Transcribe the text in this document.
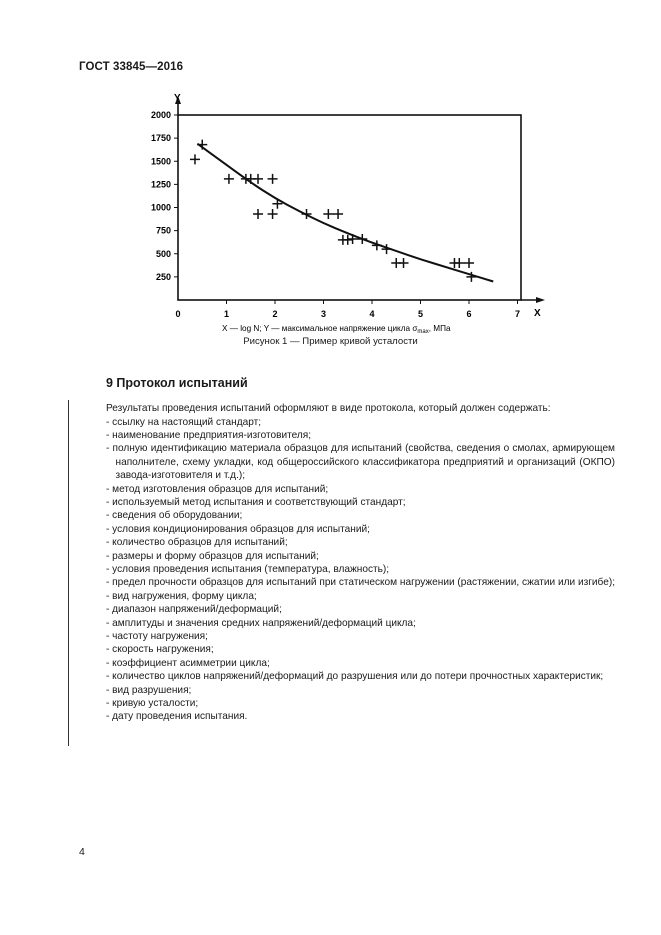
ГОСТ 33845—2016
250
500
750
1000
1250
1500
1750
2000
0	1	2	3	4	5	6	7
Y
X
X — log N; Y — максимальное напряжение цикла $\sigma_{max}$, МПа
Рисунок 1 — Пример кривой усталости
9 Протокол испытаний
Результаты проведения испытаний оформляют в виде протокола, который должен содержать:
- ссылку на настоящий стандарт;
- наименование предприятия-изготовителя;
- полную идентификацию материала образцов для испытаний (свойства, сведения о смолах, армирующем наполнителе, схему укладки, код общероссийского классификатора предприятий и организаций (ОКПО) завода-изготовителя и т.д.);
- метод изготовления образцов для испытаний;
- используемый метод испытания и соответствующий стандарт;
- сведения об оборудовании;
- условия кондиционирования образцов для испытаний;
- количество образцов для испытаний;
- размеры и форму образцов для испытаний;
- условия проведения испытания (температура, влажность);
- предел прочности образцов для испытаний при статическом нагружении (растяжении, сжатии или изгибе);
- вид нагружения, форму цикла;
- диапазон напряжений/деформаций;
- амплитуды и значения средних напряжений/деформаций цикла;
- частоту нагружения;
- скорость нагружения;
- коэффициент асимметрии цикла;
- количество циклов напряжений/деформаций до разрушения или до потери прочностных характеристик;
- вид разрушения;
- кривую усталости;
- дату проведения испытания.
4
